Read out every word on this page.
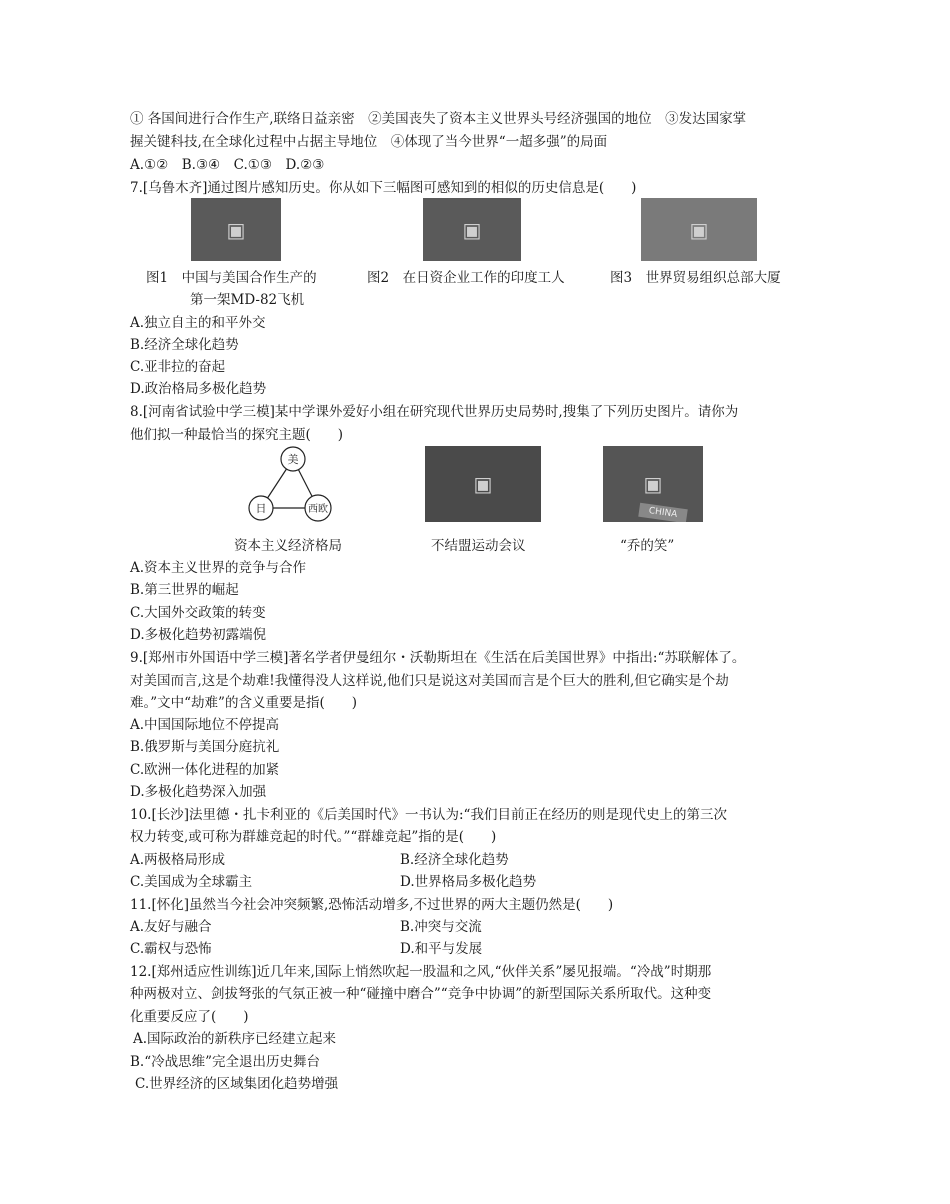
① 各国间进行合作生产,联络日益亲密　②美国丧失了资本主义世界头号经济强国的地位　③发达国家掌
握关键科技,在全球化过程中占据主导地位　④体现了当今世界“一超多强”的局面
A.①②　B.③④　C.①③　D.②③
7.[乌鲁木齐]通过图片感知历史。你从如下三幅图可感知到的相似的历史信息是(　　)
▣	▣	▣
图1　中国与美国合作生产的
第一架MD-82飞机
图2　在日资企业工作的印度工人	图3　世界贸易组织总部大厦
A.独立自主的和平外交
B.经济全球化趋势
C.亚非拉的奋起
D.政治格局多极化趋势
8.[河南省试验中学三模]某中学课外爱好小组在研究现代世界历史局势时,搜集了下列历史图片。请你为
他们拟一种最恰当的探究主题(　　)
美
日	西欧
▣	▣
CHINA
资本主义经济格局	不结盟运动会议	“乔的笑”
A.资本主义世界的竞争与合作
B.第三世界的崛起
C.大国外交政策的转变
D.多极化趋势初露端倪
9.[郑州市外国语中学三模]著名学者伊曼纽尔・沃勒斯坦在《生活在后美国世界》中指出:“苏联解体了。
对美国而言,这是个劫难!我懂得没人这样说,他们只是说这对美国而言是个巨大的胜利,但它确实是个劫
难。”文中“劫难”的含义重要是指(　　)
A.中国国际地位不停提高
B.俄罗斯与美国分庭抗礼
C.欧洲一体化进程的加紧
D.多极化趋势深入加强
10.[长沙]法里德・扎卡利亚的《后美国时代》一书认为:“我们目前正在经历的则是现代史上的第三次
权力转变,或可称为群雄竞起的时代。”“群雄竞起”指的是(　　)
A.两极格局形成	B.经济全球化趋势
C.美国成为全球霸主	D.世界格局多极化趋势
11.[怀化]虽然当今社会冲突频繁,恐怖活动增多,不过世界的两大主题仍然是(　　)
A.友好与融合	B.冲突与交流
C.霸权与恐怖	D.和平与发展
12.[郑州适应性训练]近几年来,国际上悄然吹起一股温和之风,“伙伴关系”屡见报端。“冷战”时期那
种两极对立、剑拔弩张的气氛正被一种“碰撞中磨合”“竞争中协调”的新型国际关系所取代。这种变
化重要反应了(　　)
A.国际政治的新秩序已经建立起来
B.“冷战思维”完全退出历史舞台
C.世界经济的区域集团化趋势增强
